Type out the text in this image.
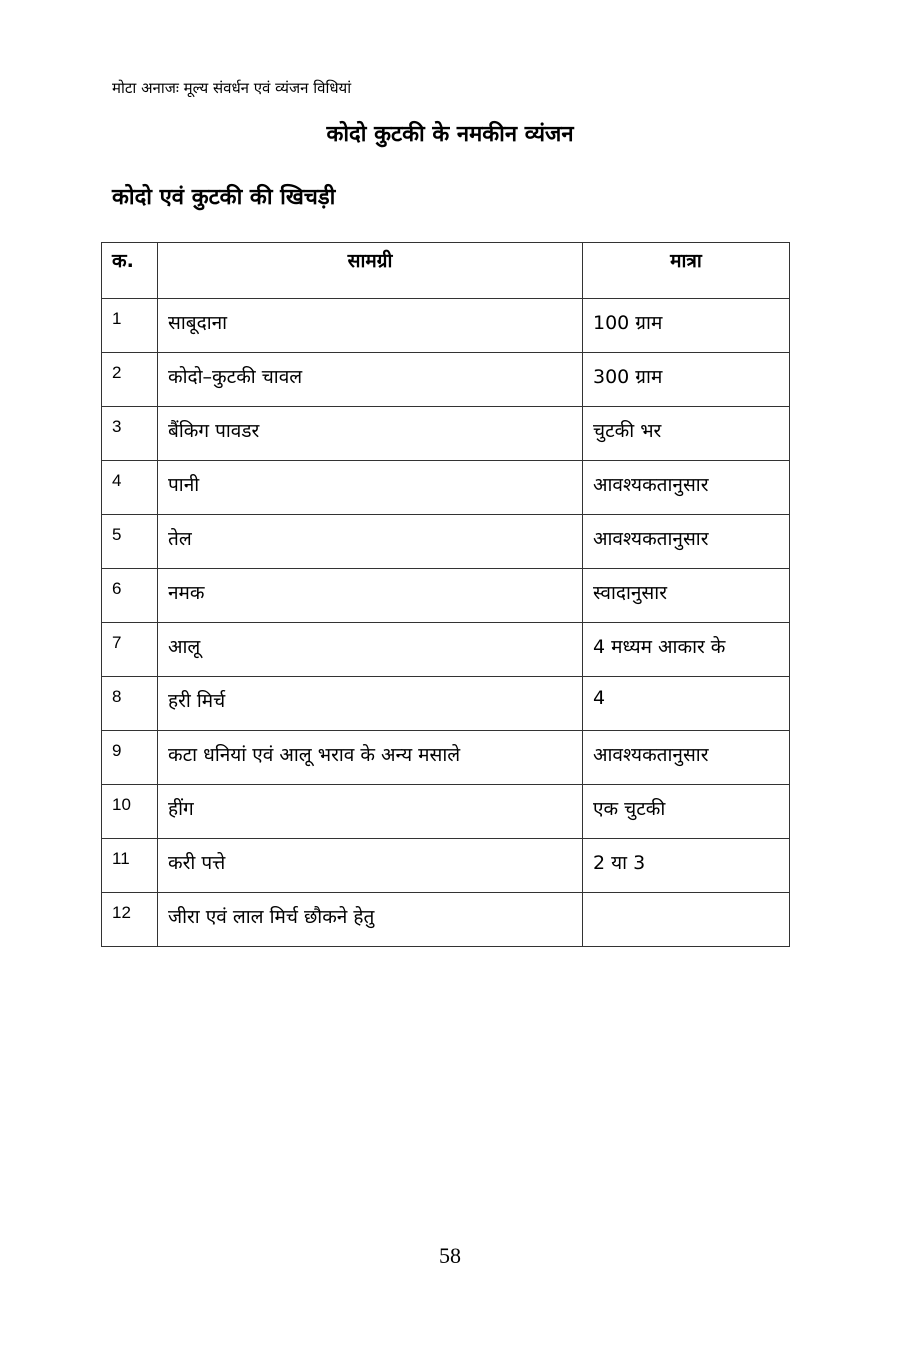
मोटा अनाजः मूल्य संवर्धन एवं व्यंजन विधियां
कोदो कुटकी के नमकीन व्यंजन
कोदो एवं कुटकी की खिचड़ी
क.	सामग्री	मात्रा
1	साबूदाना	100 ग्राम
2	कोदो–कुटकी चावल	300 ग्राम
3	बैंकिग पावडर	चुटकी भर
4	पानी	आवश्यकतानुसार
5	तेल	आवश्यकतानुसार
6	नमक	स्वादानुसार
7	आलू	4 मध्यम आकार के
8	हरी मिर्च	4
9	कटा धनियां एवं आलू भराव के अन्य मसाले	आवश्यकतानुसार
10	हींग	एक चुटकी
11	करी पत्ते	2 या 3
12	जीरा एवं लाल मिर्च छौकने हेतु	
58
